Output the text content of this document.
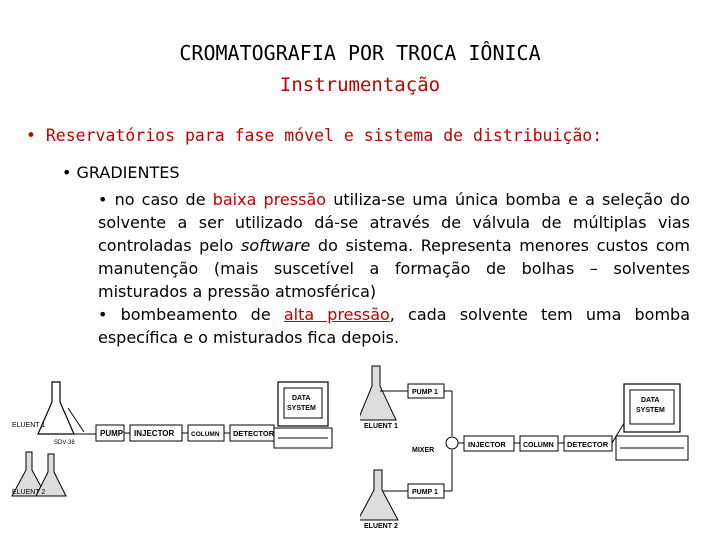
CROMATOGRAFIA POR TROCA IÔNICA
Instrumentação
• Reservatórios para fase móvel e sistema de distribuição:
• GRADIENTES
• no caso de baixa pressão utiliza-se uma única bomba e a seleção do solvente a ser utilizado dá-se através de válvula de múltiplas vias controladas pelo software do sistema. Representa menores custos com manutenção (mais suscetível a formação de bolhas – solventes misturados a pressão atmosférica)
• bombeamento de alta pressão, cada solvente tem uma bomba específica e o misturados fica depois.
ELUENT 1
ELUENT 2
SDV-38
PUMP INJECTOR	COLUMN DETECTOR
DATA
SYSTEM
ELUENT 1
ELUENT 2
PUMP 1
PUMP 1
MIXER
INJECTOR COLUMN DETECTOR
DATA
SYSTEM
